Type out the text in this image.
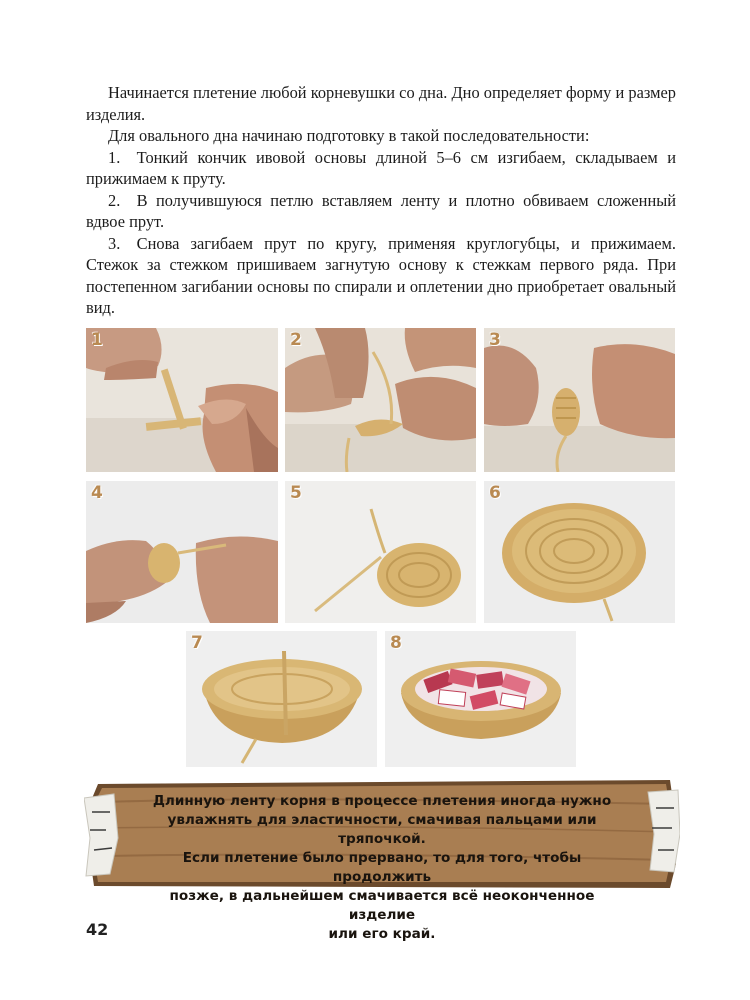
Начинается плетение любой корневушки со дна. Дно определяет форму и размер изделия.

Для овального дна начинаю подготовку в такой последовательности:

1. Тонкий кончик ивовой основы длиной 5–6 см изгибаем, складываем и прижимаем к пруту.

2. В получившуюся петлю вставляем ленту и плотно обвиваем сложенный вдвое прут.

3. Снова загибаем прут по кругу, применяя круглогубцы, и прижимаем. Стежок за стежком пришиваем загнутую основу к стежкам первого ряда. При постепенном загибании основы по спирали и оплетении дно приобретает овальный вид.

1	2	3
4	5	6
7	8
Длинную ленту корня в процессе плетения иногда нужно
увлажнять для эластичности, смачивая пальцами или тряпочкой.
Если плетение было прервано, то для того, чтобы продолжить
позже, в дальнейшем смачивается всё неоконченное изделие
или его край.
42
